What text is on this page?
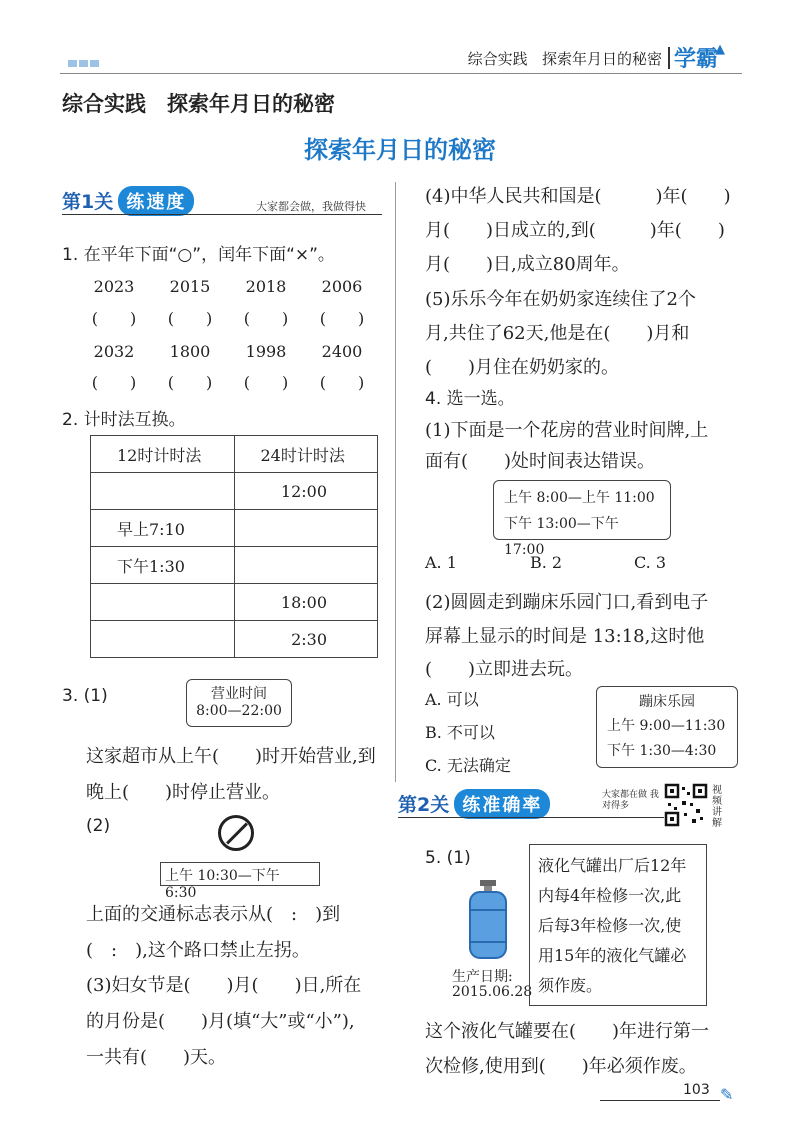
综合实践 探索年月日的秘密 学霸
▲
综合实践　探索年月日的秘密
探索年月日的秘密
第1关 练速度	大家都会做，我做得快
1. 在平年下面“○”，闰年下面“×”。
2023 2015 2018 2006
(　　) (　　) (　　) (　　)
2032 1800 1998 2400
(　　) (　　) (　　) (　　)
2. 计时法互换。
12时计时法	24时计时法
	12:00
早上7:10	
下午1:30	
	18:00
	2:30
3. (1)	营业时间
8:00—22:00
这家超市从上午(　　)时开始营业,到
晚上(　　)时停止营业。
(2)
上午 10:30—下午 6:30
上面的交通标志表示从(　:　)到
(　:　),这个路口禁止左拐。
(3)妇女节是(　　)月(　　)日,所在
的月份是(　　)月(填“大”或“小”),
一共有(　　)天。
(4)中华人民共和国是(　　　)年(　　)
月(　　)日成立的,到(　　　)年(　　)
月(　　)日,成立80周年。
(5)乐乐今年在奶奶家连续住了2个
月,共住了62天,他是在(　　)月和
(　　)月住在奶奶家的。
4. 选一选。
(1)下面是一个花房的营业时间牌,上
面有(　　)处时间表达错误。
上午 8:00—上午 11:00
下午 13:00—下午 17:00
A. 1	B. 2	C. 3
(2)圆圆走到蹦床乐园门口,看到电子
屏幕上显示的时间是 13:18,这时他
(　　)立即进去玩。
A. 可以
B. 不可以
C. 无法确定
蹦床乐园
上午 9:00—11:30
下午 1:30—4:30
第2关 练准确率	大家都在做 我对得多
视频讲解
5. (1)
生产日期:
2015.06.28
液化气罐出厂后12年
内每4年检修一次,此
后每3年检修一次,使
用15年的液化气罐必
须作废。
这个液化气罐要在(　　)年进行第一
次检修,使用到(　　)年必须作废。
103 ✎
